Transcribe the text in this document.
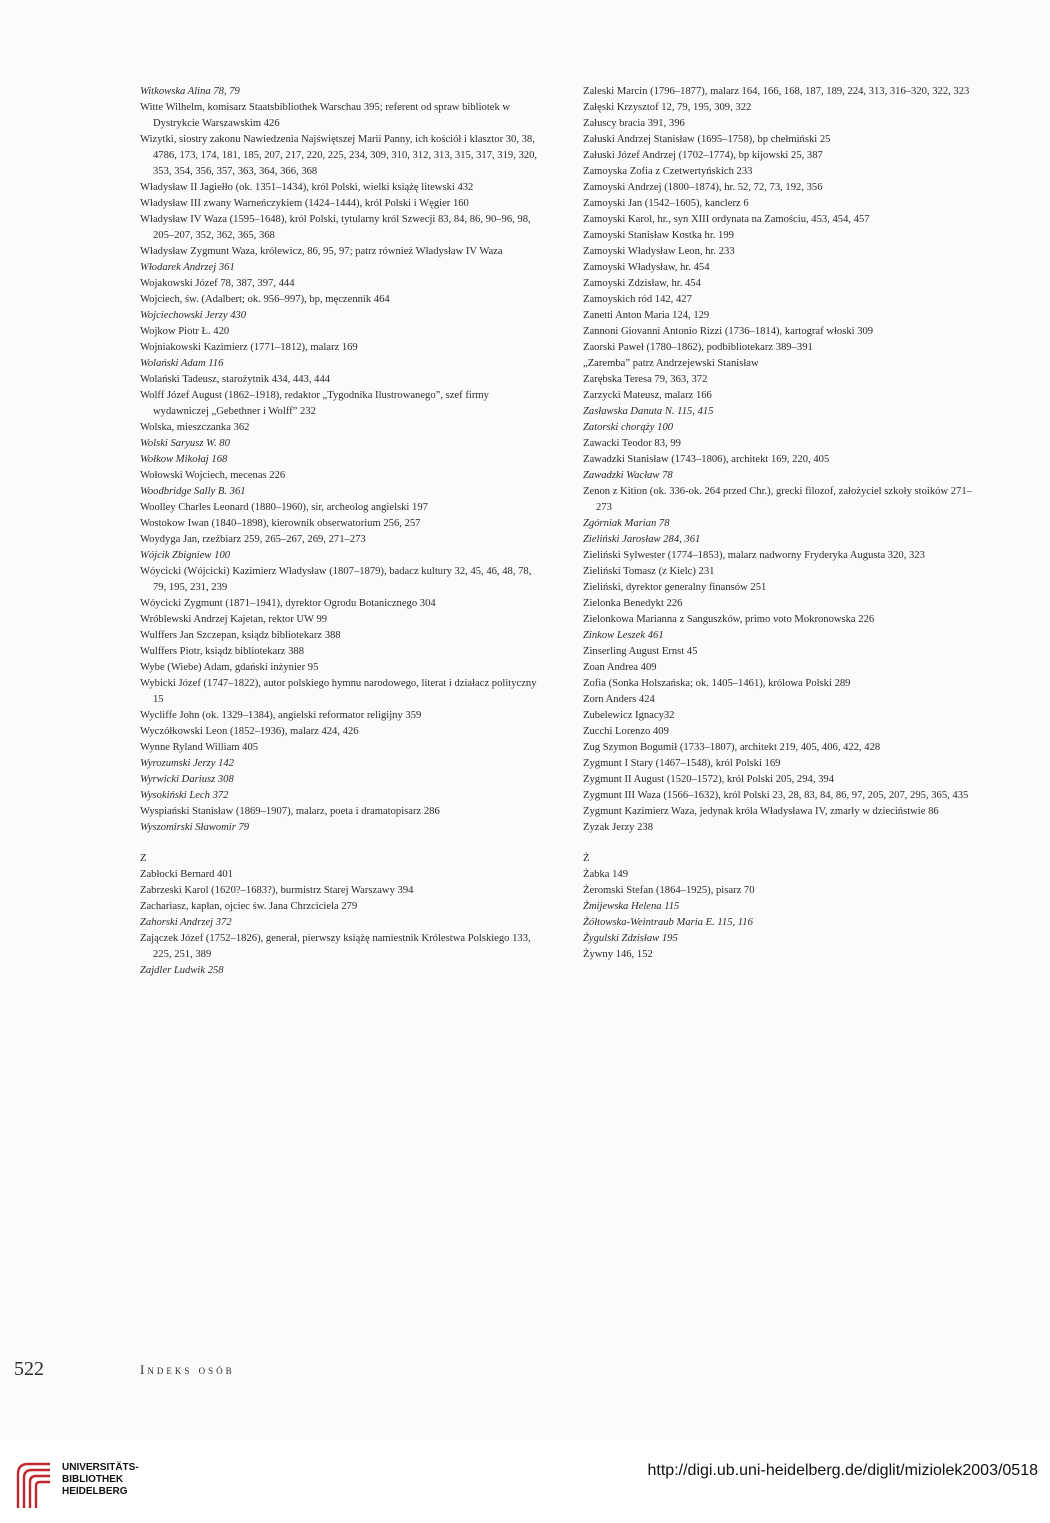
Witkowska Alina 78, 79
Witte Wilhelm, komisarz Staatsbibliothek Warschau 395; referent od spraw bibliotek w Dystrykcie Warszawskim 426
Wizytki, siostry zakonu Nawiedzenia Najświętszej Marii Panny, ich kościół i klasztor 30, 38, 4786, 173, 174, 181, 185, 207, 217, 220, 225, 234, 309, 310, 312, 313, 315, 317, 319, 320, 353, 354, 356, 357, 363, 364, 366, 368
Władysław II Jagiełło (ok. 1351–1434), król Polski, wielki książę litewski 432
Władysław III zwany Warneńczykiem (1424–1444), król Polski i Węgier 160
Władysław IV Waza (1595–1648), król Polski, tytularny król Szwecji 83, 84, 86, 90–96, 98, 205–207, 352, 362, 365, 368
Władysław Zygmunt Waza, królewicz, 86, 95, 97; patrz również Władysław IV Waza
Włodarek Andrzej 361
Wojakowski Józef 78, 387, 397, 444
Wojciech, św. (Adalbert; ok. 956–997), bp, męczennik 464
Wojciechowski Jerzy 430
Wojkow Piotr Ł. 420
Wojniakowski Kazimierz (1771–1812), malarz 169
Wolański Adam 116
Wolański Tadeusz, starożytnik 434, 443, 444
Wolff Józef August (1862–1918), redaktor „Tygodnika Ilustrowanego”, szef firmy wydawniczej „Gebethner i Wolff” 232
Wolska, mieszczanka 362
Wolski Saryusz W. 80
Wołkow Mikołaj 168
Wołowski Wojciech, mecenas 226
Woodbridge Sally B. 361
Woolley Charles Leonard (1880–1960), sir, archeolog angielski 197
Wostokow Iwan (1840–1898), kierownik obserwatorium 256, 257
Woydyga Jan, rzeźbiarz 259, 265–267, 269, 271–273
Wójcik Zbigniew 100
Wóycicki (Wójcicki) Kazimierz Władysław (1807–1879), badacz kultury 32, 45, 46, 48, 78, 79, 195, 231, 239
Wóycicki Zygmunt (1871–1941), dyrektor Ogrodu Botanicznego 304
Wróblewski Andrzej Kajetan, rektor UW 99
Wulffers Jan Szczepan, ksiądz bibliotekarz 388
Wulffers Piotr, ksiądz bibliotekarz 388
Wybe (Wiebe) Adam, gdański inżynier 95
Wybicki Józef (1747–1822), autor polskiego hymnu narodowego, literat i działacz polityczny 15
Wycliffe John (ok. 1329–1384), angielski reformator religijny 359
Wyczółkowski Leon (1852–1936), malarz 424, 426
Wynne Ryland William 405
Wyrozumski Jerzy 142
Wyrwicki Dariusz 308
Wysokiński Lech 372
Wyspiański Stanisław (1869–1907), malarz, poeta i dramatopisarz 286
Wyszomirski Sławomir 79
Z
Zabłocki Bernard 401
Zabrzeski Karol (1620?–1683?), burmistrz Starej Warszawy 394
Zachariasz, kapłan, ojciec św. Jana Chrzciciela 279
Zahorski Andrzej 372
Zajączek Józef (1752–1826), generał, pierwszy książę namiestnik Królestwa Polskiego 133, 225, 251, 389
Zajdler Ludwik 258
Zaleski Marcin (1796–1877), malarz 164, 166, 168, 187, 189, 224, 313, 316–320, 322, 323
Załęski Krzysztof 12, 79, 195, 309, 322
Załuscy bracia 391, 396
Załuski Andrzej Stanisław (1695–1758), bp chełmiński 25
Załuski Józef Andrzej (1702–1774), bp kijowski 25, 387
Zamoyska Zofia z Czetwertyńskich 233
Zamoyski Andrzej (1800–1874), hr. 52, 72, 73, 192, 356
Zamoyski Jan (1542–1605), kanclerz 6
Zamoyski Karol, hr., syn XIII ordynata na Zamościu, 453, 454, 457
Zamoyski Stanisław Kostka hr. 199
Zamoyski Władysław Leon, hr. 233
Zamoyski Władysław, hr. 454
Zamoyski Zdzisław, hr. 454
Zamoyskich ród 142, 427
Zanetti Anton Maria 124, 129
Zannoni Giovanni Antonio Rizzi (1736–1814), kartograf włoski 309
Zaorski Paweł (1780–1862), podbibliotekarz 389–391
„Zaremba” patrz Andrzejewski Stanisław
Zarębska Teresa 79, 363, 372
Zarzycki Mateusz, malarz 166
Zasławska Danuta N. 115, 415
Zatorski chorąży 100
Zawacki Teodor 83, 99
Zawadzki Stanisław (1743–1806), architekt 169, 220, 405
Zawadzki Wacław 78
Zenon z Kition (ok. 336-ok. 264 przed Chr.), grecki filozof, założyciel szkoły stoików 271–273
Zgórniak Marian 78
Zieliński Jarosław 284, 361
Zieliński Sylwester (1774–1853), malarz nadworny Fryderyka Augusta 320, 323
Zieliński Tomasz (z Kielc) 231
Zieliński, dyrektor generalny finansów 251
Zielonka Benedykt 226
Zielonkowa Marianna z Sanguszków, primo voto Mokronowska 226
Zinkow Leszek 461
Zinserling August Ernst 45
Zoan Andrea 409
Zofia (Sonka Holszańska; ok. 1405–1461), królowa Polski 289
Zorn Anders 424
Zubelewicz Ignacy32
Zucchi Lorenzo 409
Zug Szymon Bogumił (1733–1807), architekt 219, 405, 406, 422, 428
Zygmunt I Stary (1467–1548), król Polski 169
Zygmunt II August (1520–1572), król Polski 205, 294, 394
Zygmunt III Waza (1566–1632), król Polski 23, 28, 83, 84, 86, 97, 205, 207, 295, 365, 435
Zygmunt Kazimierz Waza, jedynak króla Władysława IV, zmarły w dzieciństwie 86
Zyzak Jerzy 238
Ż
Żabka 149
Żeromski Stefan (1864–1925), pisarz 70
Żmijewska Helena 115
Żółtowska-Weintraub Maria E. 115, 116
Żygulski Zdzisław 195
Żywny 146, 152
522	Indeks osób
UNIVERSITÄTS-
BIBLIOTHEK
HEIDELBERG
http://digi.ub.uni-heidelberg.de/diglit/miziolek2003/0518
